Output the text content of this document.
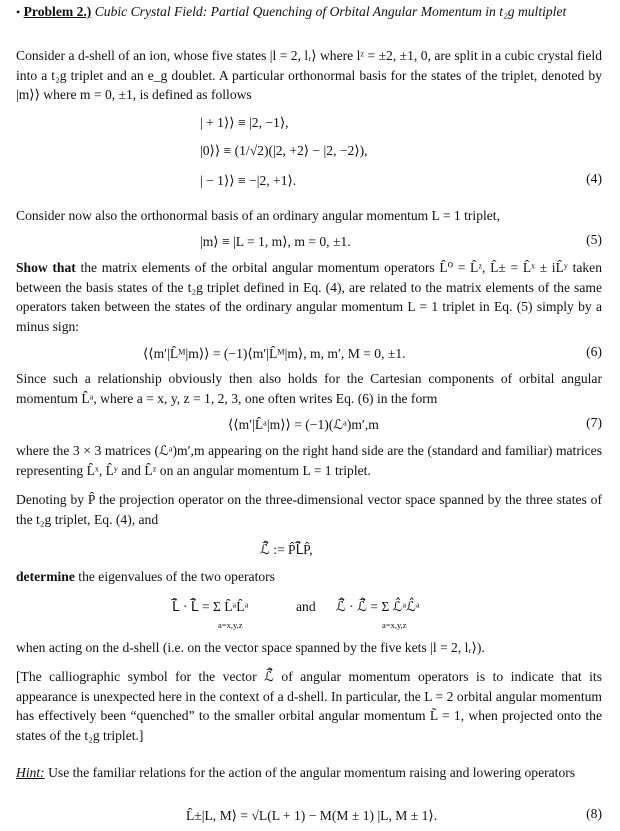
• Problem 2.) Cubic Crystal Field: Partial Quenching of Orbital Angular Momentum in t₂g multiplet
Consider a d-shell of an ion, whose five states |l = 2, lᵣ⟩ where lᶻ = ±2, ±1, 0, are split in a cubic crystal field into a t₂g triplet and an e_g doublet. A particular orthonormal basis for the states of the triplet, denoted by |m⟩⟩ where m = 0, ±1, is defined as follows
| + 1⟩⟩ ≡ |2, −1⟩,
|0⟩⟩ ≡ (1/√2)(|2, +2⟩ − |2, −2⟩),
| − 1⟩⟩ ≡ −|2, +1⟩.	(4)
Consider now also the orthonormal basis of an ordinary angular momentum L = 1 triplet,
|m⟩ ≡ |L = 1, m⟩, m = 0, ±1.	(5)
Show that the matrix elements of the orbital angular momentum operators L̂⁰ = L̂ᶻ, L̂± = L̂ˣ ± iL̂ʸ taken between the basis states of the t₂g triplet defined in Eq. (4), are related to the matrix elements of the same operators taken between the states of the ordinary angular momentum L = 1 triplet in Eq. (5) simply by a minus sign:
⟨⟨m′|L̂ᴹ|m⟩⟩ = (−1)⟨m′|L̂ᴹ|m⟩, m, m′, M = 0, ±1.	(6)
Since such a relationship obviously then also holds for the Cartesian components of orbital angular momentum L̂ᵃ, where a = x, y, z = 1, 2, 3, one often writes Eq. (6) in the form
⟨⟨m′|L̂ᵃ|m⟩⟩ = (−1)(ℒᵃ)m′,m	(7)
where the 3 × 3 matrices (ℒᵃ)m′,m appearing on the right hand side are the (standard and familiar) matrices representing L̂ˣ, L̂ʸ and L̂ᶻ on an angular momentum L = 1 triplet.
Denoting by P̂ the projection operator on the three-dimensional vector space spanned by the three states of the t₂g triplet, Eq. (4), and
ℒ̂⃗ := P̂L̂⃗P̂,
determine the eigenvalues of the two operators
L̂⃗ · L̂⃗ = Σ L̂ᵃL̂ᵃ	and ℒ̂⃗ · ℒ̂⃗ = Σ ℒ̂ᵃℒ̂ᵃ
a=x,y,z	a=x,y,z
when acting on the d-shell (i.e. on the vector space spanned by the five kets |l = 2, lᵣ⟩).
[The calliographic symbol for the vector ℒ̂⃗ of angular momentum operators is to indicate that its appearance is unexpected here in the context of a d-shell. In particular, the L = 2 orbital angular momentum has effectively been “quenched” to the smaller orbital angular momentum L̃ = 1, when projected onto the states of the t₂g triplet.]
Hint: Use the familiar relations for the action of the angular momentum raising and lowering operators
L̂±|L, M⟩ = √L(L + 1) − M(M ± 1) |L, M ± 1⟩.	(8)
